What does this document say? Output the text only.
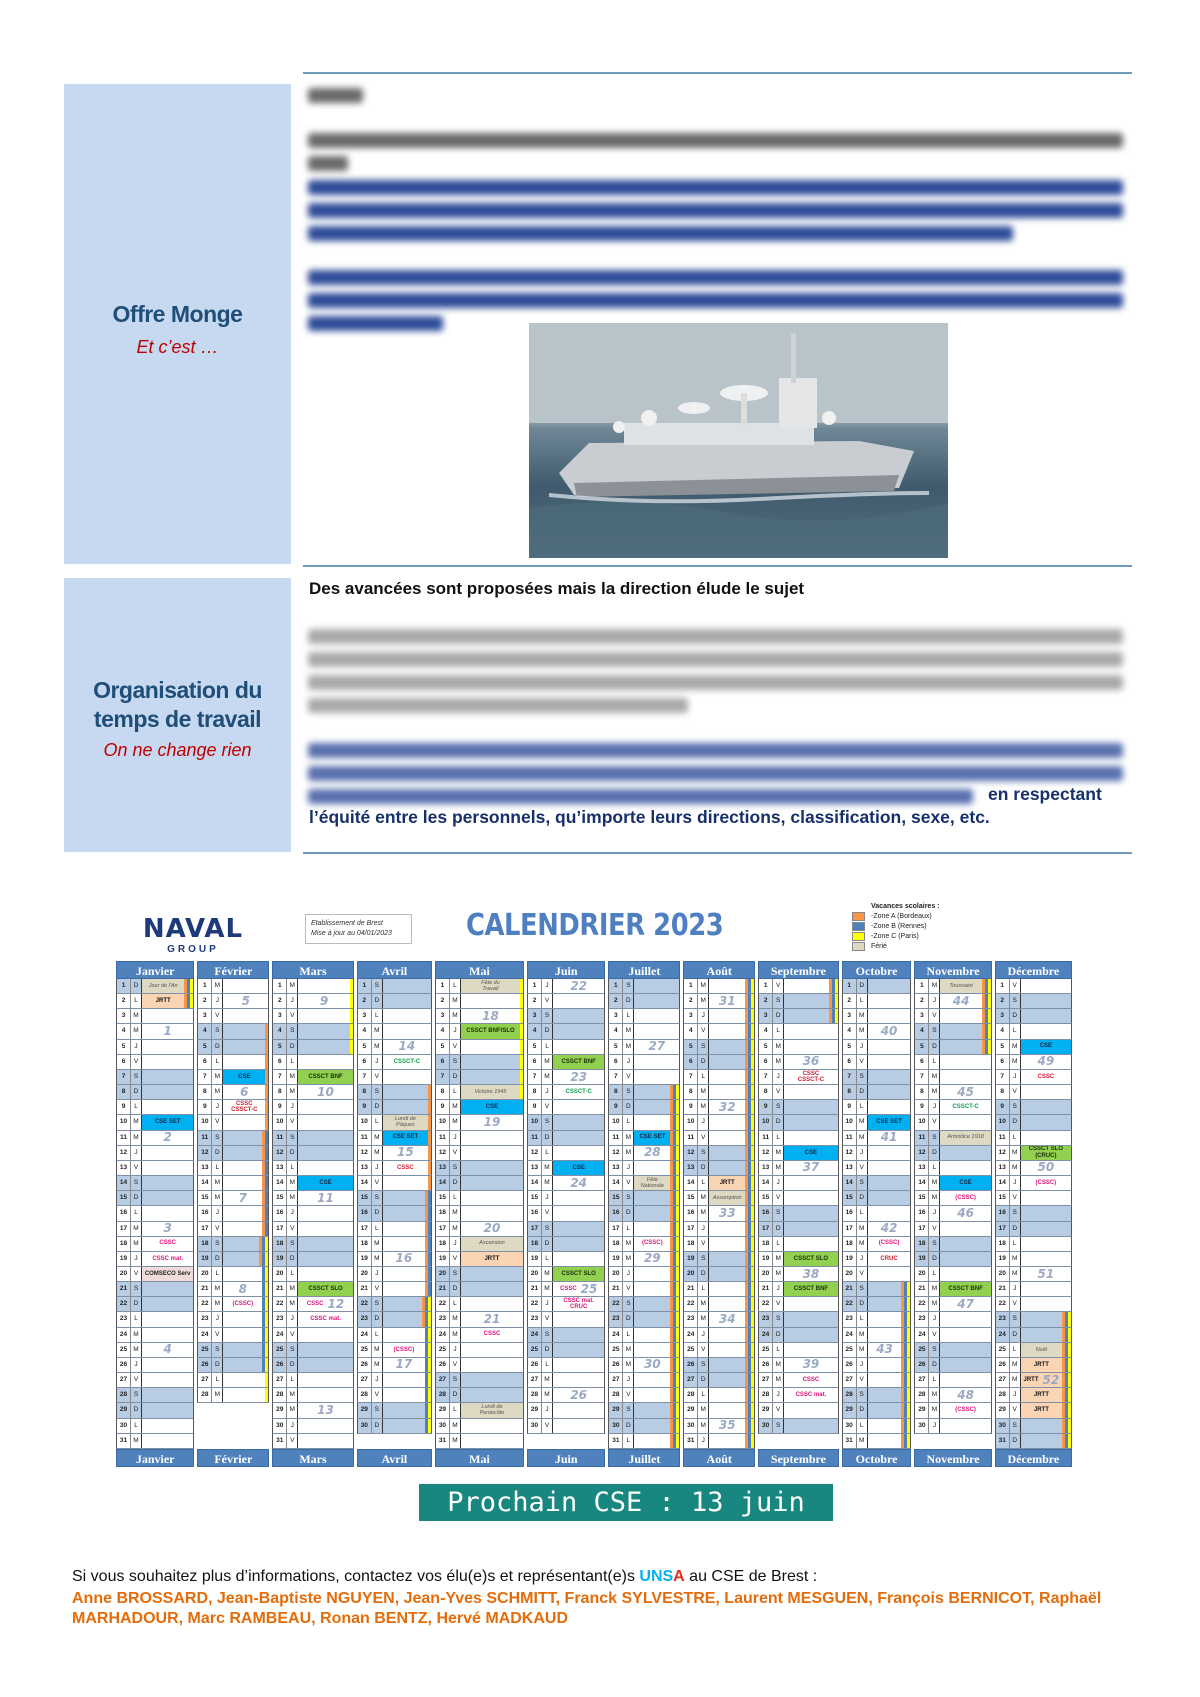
Offre Monge
Et c’est …
Organisation du
temps de travail
On ne change rien
Des avancées sont proposées mais la direction élude le sujet
en respectant
l’équité entre les personnels, qu’importe leurs directions, classification, sexe, etc.
NAVAL
GROUP
Etablissement de Brest
Mise à jour au 04/01/2023	CALENDRIER 2023
Vacances scolaires :
-Zone A (Bordeaux)
-Zone B (Rennes)
-Zone C (Paris)
Férié
Janvier
1	D	Jour de l'An
2	L	JRTT
3	M
4	M 1
5	J
6	V
7	S
8	D
9	L
10 M	CSE SET
11 M 2
12	J
13	V
14	S
15	D
16	L
17 M 3
18 M	CSSC
19	J	CSSC mat.
20	V	COMSECO Serv
21	S
22	D
23	L
24 M
25 M 4
26	J
27	V
28	S
29	D
30	L
31 M
Janvier
Février
1	M
2	J	5
3	V
4	S
5	D
6	L
7	M	CSE
8	M 6
9	J	CSSC
CSSCT-C
10	V
11	S
12	D
13	L
14 M
15 M 7
16	J
17	V
18	S
19	D
20	L
21 M 8
22 M	(CSSC)
23	J
24	V
25	S
26	D
27	L
28 M
Février
Mars
1	M
2	J	9
3	V
4	S
5	D
6	L
7	M	CSSCT BNF
8	M 10
9	J
10	V
11	S
12	D
13	L
14 M	CSE
15 M 11
16	J
17	V
18	S
19	D
20	L
21 M	CSSCT SLO
22 M	CSSC 12
23	J	CSSC mat.
24	V
25	S
26	D
27	L
28 M
29 M 13
30	J
31	V
Mars
Avril
1	S
2	D
3	L
4	M
5	M 14
6	J	CSSCT-C
7	V
8	S
9	D
10	L	Lundi de
Pâques
11 M	CSE SET
12 M 15
13	J	CSSC
14	V
15	S
16	D
17	L
18 M
19 M 16
20	J
21	V
22	S
23	D
24	L
25 M	(CSSC)
26 M 17
27	J
28	V
29	S
30	D
Avril
Mai
1	L	Fête du
Travail
2	M
3	M 18
4	J	CSSCT BNF/SLO
5	V
6	S
7	D
8	L	Victoire 1945
9	M	CSE
10 M 19
11	J
12	V
13	S
14	D
15	L
16 M
17 M 20
18	J	Ascension
19	V	JRTT
20	S
21	D
22	L
23 M 21
24 M	CSSC
25	J
26	V
27	S
28	D
29	L	Lundi de
Pentecôte
30 M
31 M
Mai
Juin
1	J	22
2	V
3	S
4	D
5	L
6	M	CSSCT BNF
7	M 23
8	J	CSSCT-C
9	V
10	S
11	D
12	L
13 M	CSE
14 M 24
15	J
16	V
17	S
18	D
19	L
20 M	CSSCT SLO
21 M	CSSC 25
22	J	CSSC mat.
CRUC
23	V
24	S
25	D
26	L
27 M
28 M 26
29	J
30	V
Juin
Juillet
1	S
2	D
3	L
4	M
5	M 27
6	J
7	V
8	S
9	D
10	L
11 M	CSE SET
12 M 28
13	J
14	V	Fête
Nationale
15	S
16	D
17	L
18 M	(CSSC)
19 M 29
20	J
21	V
22	S
23	D
24	L
25 M
26 M 30
27	J
28	V
29	S
30	D
31	L
Juillet
Août
1	M
2	M 31
3	J
4	V
5	S
6	D
7	L
8	M
9	M 32
10	J
11	V
12	S
13	D
14	L	JRTT
15 M	Assomption
16 M 33
17	J
18	V
19	S
20	D
21	L
22 M
23 M 34
24	J
25	V
26	S
27	D
28	L
29 M
30 M 35
31	J
Août
Septembre
1	V
2	S
3	D
4	L
5	M
6	M 36
7	J	CSSC
CSSCT-C
8	V
9	S
10	D
11	L
12 M	CSE
13 M 37
14	J
15	V
16	S
17	D
18	L
19 M	CSSCT SLO
20 M 38
21	J	CSSCT BNF
22	V
23	S
24	D
25	L
26 M 39
27 M	CSSC
28	J	CSSC mat.
29	V
30	S
Septembre
Octobre
1	D
2	L
3	M
4	M 40
5	J
6	V
7	S
8	D
9	L
10 M	CSE SET
11 M 41
12	J
13	V
14	S
15	D
16	L
17 M 42
18 M	(CSSC)
19	J	CRUC
20	V
21	S
22	D
23	L
24 M
25 M 43
26	J
27	V
28	S
29	D
30	L
31 M
Octobre
Novembre
1	M	Toussaint
2	J	44
3	V
4	S
5	D
6	L
7	M
8	M 45
9	J	CSSCT-C
10	V
11	S	Armistice 1918
12	D
13	L
14 M	CSE
15 M	(CSSC)
16	J	46
17	V
18	S
19	D
20	L
21 M	CSSCT BNF
22 M 47
23	J
24	V
25	S
26	D
27	L
28 M 48
29 M	(CSSC)
30	J
Novembre
Décembre
1	V
2	S
3	D
4	L
5	M	CSE
6	M 49
7	J	CSSC
8	V
9	S
10	D
11	L
12 M	CSSCT SLO
(CRUC)
13 M 50
14	J	(CSSC)
15	V
16	S
17	D
18	L
19 M
20 M 51
21	J
22	V
23	S
24	D
25	L	Noël
26 M	JRTT
27 M	JRTT 52
28	J	JRTT
29	V	JRTT
30	S
31	D
Décembre
Prochain CSE : 13 juin 2023
Si vous souhaitez plus d’informations, contactez vos élu(e)s et représentant(e)s UNSA au CSE de Brest :
Anne BROSSARD, Jean-Baptiste NGUYEN, Jean-Yves SCHMITT, Franck SYLVESTRE, Laurent MESGUEN, François BERNICOT, Raphaël MARHADOUR, Marc RAMBEAU, Ronan BENTZ, Hervé MADKAUD
